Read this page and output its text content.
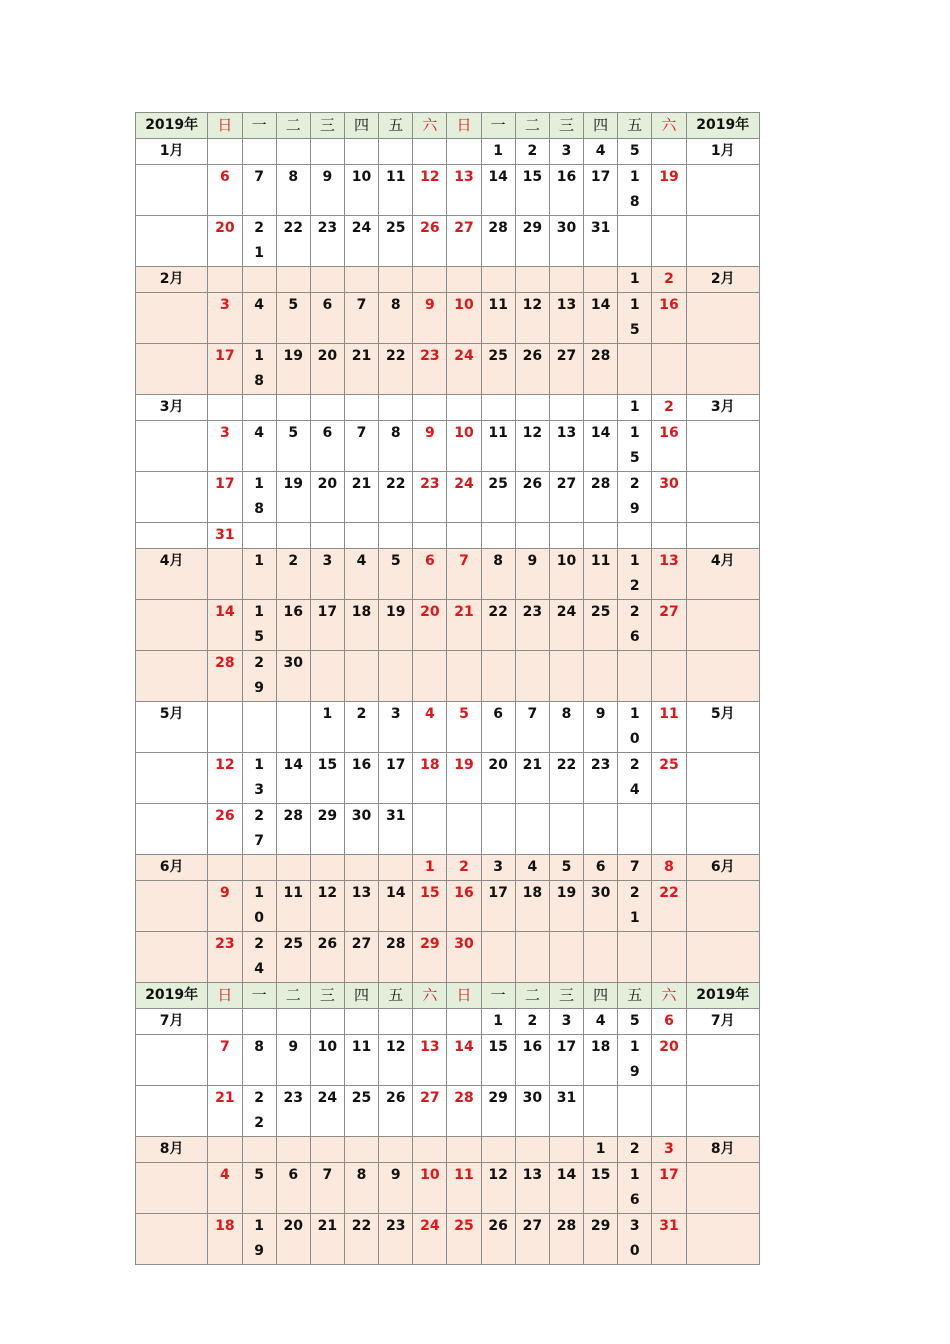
2019年	日	一	二	三	四	五	六	日	一	二	三	四	五	六	2019年
1月									1	2	3	4	5		1月
	6	7	8	9	10	11	12	13	14	15	16	17	18	19	
	20	21	22	23	24	25	26	27	28	29	30	31			
2月													1	2	2月
	3	4	5	6	7	8	9	10	11	12	13	14	15	16	
	17	18	19	20	21	22	23	24	25	26	27	28			
3月													1	2	3月
	3	4	5	6	7	8	9	10	11	12	13	14	15	16	
	17	18	19	20	21	22	23	24	25	26	27	28	29	30	
	31														
4月		1	2	3	4	5	6	7	8	9	10	11	12	13	4月
	14	15	16	17	18	19	20	21	22	23	24	25	26	27	
	28	29	30												
5月				1	2	3	4	5	6	7	8	9	10	11	5月
	12	13	14	15	16	17	18	19	20	21	22	23	24	25	
	26	27	28	29	30	31									
6月							1	2	3	4	5	6	7	8	6月
	9	10	11	12	13	14	15	16	17	18	19	30	21	22	
	23	24	25	26	27	28	29	30							
2019年	日	一	二	三	四	五	六	日	一	二	三	四	五	六	2019年
7月									1	2	3	4	5	6	7月
	7	8	9	10	11	12	13	14	15	16	17	18	19	20	
	21	22	23	24	25	26	27	28	29	30	31				
8月												1	2	3	8月
	4	5	6	7	8	9	10	11	12	13	14	15	16	17	
	18	19	20	21	22	23	24	25	26	27	28	29	30	31	
